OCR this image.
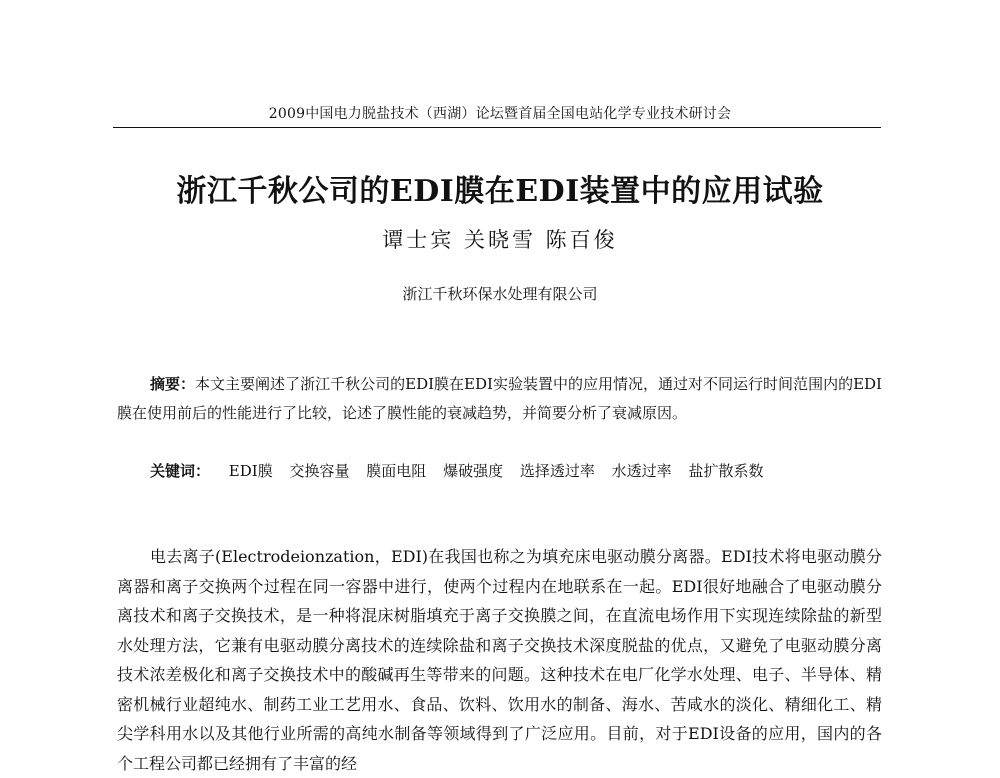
2009中国电力脱盐技术（西湖）论坛暨首届全国电站化学专业技术研讨会
浙江千秋公司的EDI膜在EDI装置中的应用试验
谭士宾 关晓雪 陈百俊
浙江千秋环保水处理有限公司

摘要：本文主要阐述了浙江千秋公司的EDI膜在EDI实验装置中的应用情况，通过对不同运行时间范围内的EDI膜在使用前后的性能进行了比较，论述了膜性能的衰减趋势，并简要分析了衰减原因。

关键词： EDI膜 交换容量 膜面电阻 爆破强度 选择透过率 水透过率 盐扩散系数

电去离子(Electrodeionzation，EDI)在我国也称之为填充床电驱动膜分离器。EDI技术将电驱动膜分离器和离子交换两个过程在同一容器中进行，使两个过程内在地联系在一起。EDI很好地融合了电驱动膜分离技术和离子交换技术，是一种将混床树脂填充于离子交换膜之间，在直流电场作用下实现连续除盐的新型水处理方法，它兼有电驱动膜分离技术的连续除盐和离子交换技术深度脱盐的优点，又避免了电驱动膜分离技术浓差极化和离子交换技术中的酸碱再生等带来的问题。这种技术在电厂化学水处理、电子、半导体、精密机械行业超纯水、制药工业工艺用水、食品、饮料、饮用水的制备、海水、苦咸水的淡化、精细化工、精尖学科用水以及其他行业所需的高纯水制备等领域得到了广泛应用。目前，对于EDI设备的应用，国内的各个工程公司都已经拥有了丰富的经
